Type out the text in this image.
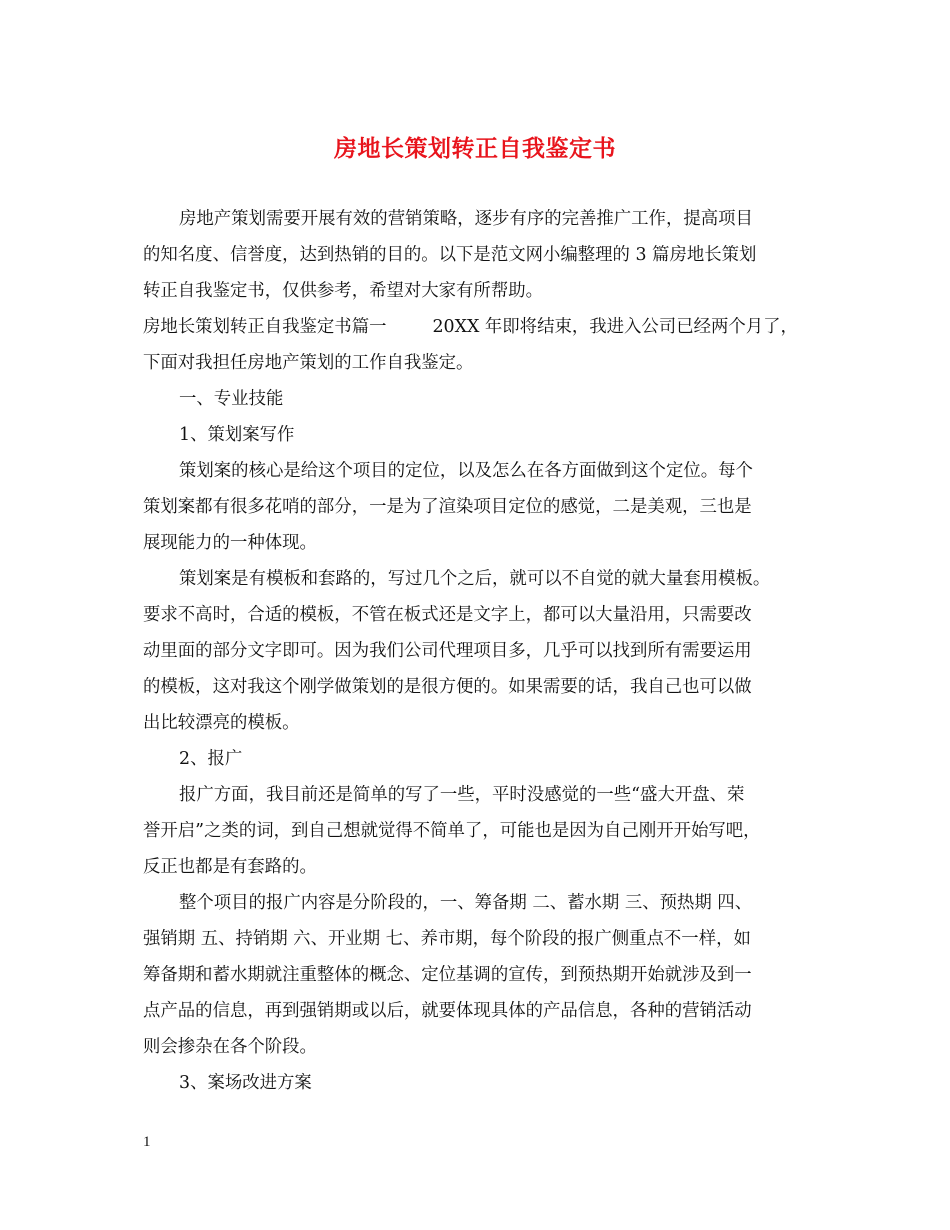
房地长策划转正自我鉴定书
房地产策划需要开展有效的营销策略，逐步有序的完善推广工作，提高项目
的知名度、信誉度，达到热销的目的。以下是范文网小编整理的 3 篇房地长策划
转正自我鉴定书，仅供参考，希望对大家有所帮助。
房地长策划转正自我鉴定书篇一	20XX 年即将结束，我进入公司已经两个月了，
下面对我担任房地产策划的工作自我鉴定。
一、专业技能
1、策划案写作
策划案的核心是给这个项目的定位，以及怎么在各方面做到这个定位。每个
策划案都有很多花哨的部分，一是为了渲染项目定位的感觉，二是美观，三也是
展现能力的一种体现。
策划案是有模板和套路的，写过几个之后，就可以不自觉的就大量套用模板。
要求不高时，合适的模板，不管在板式还是文字上，都可以大量沿用，只需要改
动里面的部分文字即可。因为我们公司代理项目多，几乎可以找到所有需要运用
的模板，这对我这个刚学做策划的是很方便的。如果需要的话，我自己也可以做
出比较漂亮的模板。
2、报广
报广方面，我目前还是简单的写了一些，平时没感觉的一些“盛大开盘、荣
誉开启”之类的词，到自己想就觉得不简单了，可能也是因为自己刚开开始写吧，
反正也都是有套路的。
整个项目的报广内容是分阶段的，一、筹备期 二、蓄水期 三、预热期 四、
强销期 五、持销期 六、开业期 七、养市期，每个阶段的报广侧重点不一样，如
筹备期和蓄水期就注重整体的概念、定位基调的宣传，到预热期开始就涉及到一
点产品的信息，再到强销期或以后，就要体现具体的产品信息，各种的营销活动
则会掺杂在各个阶段。
3、案场改进方案
1
